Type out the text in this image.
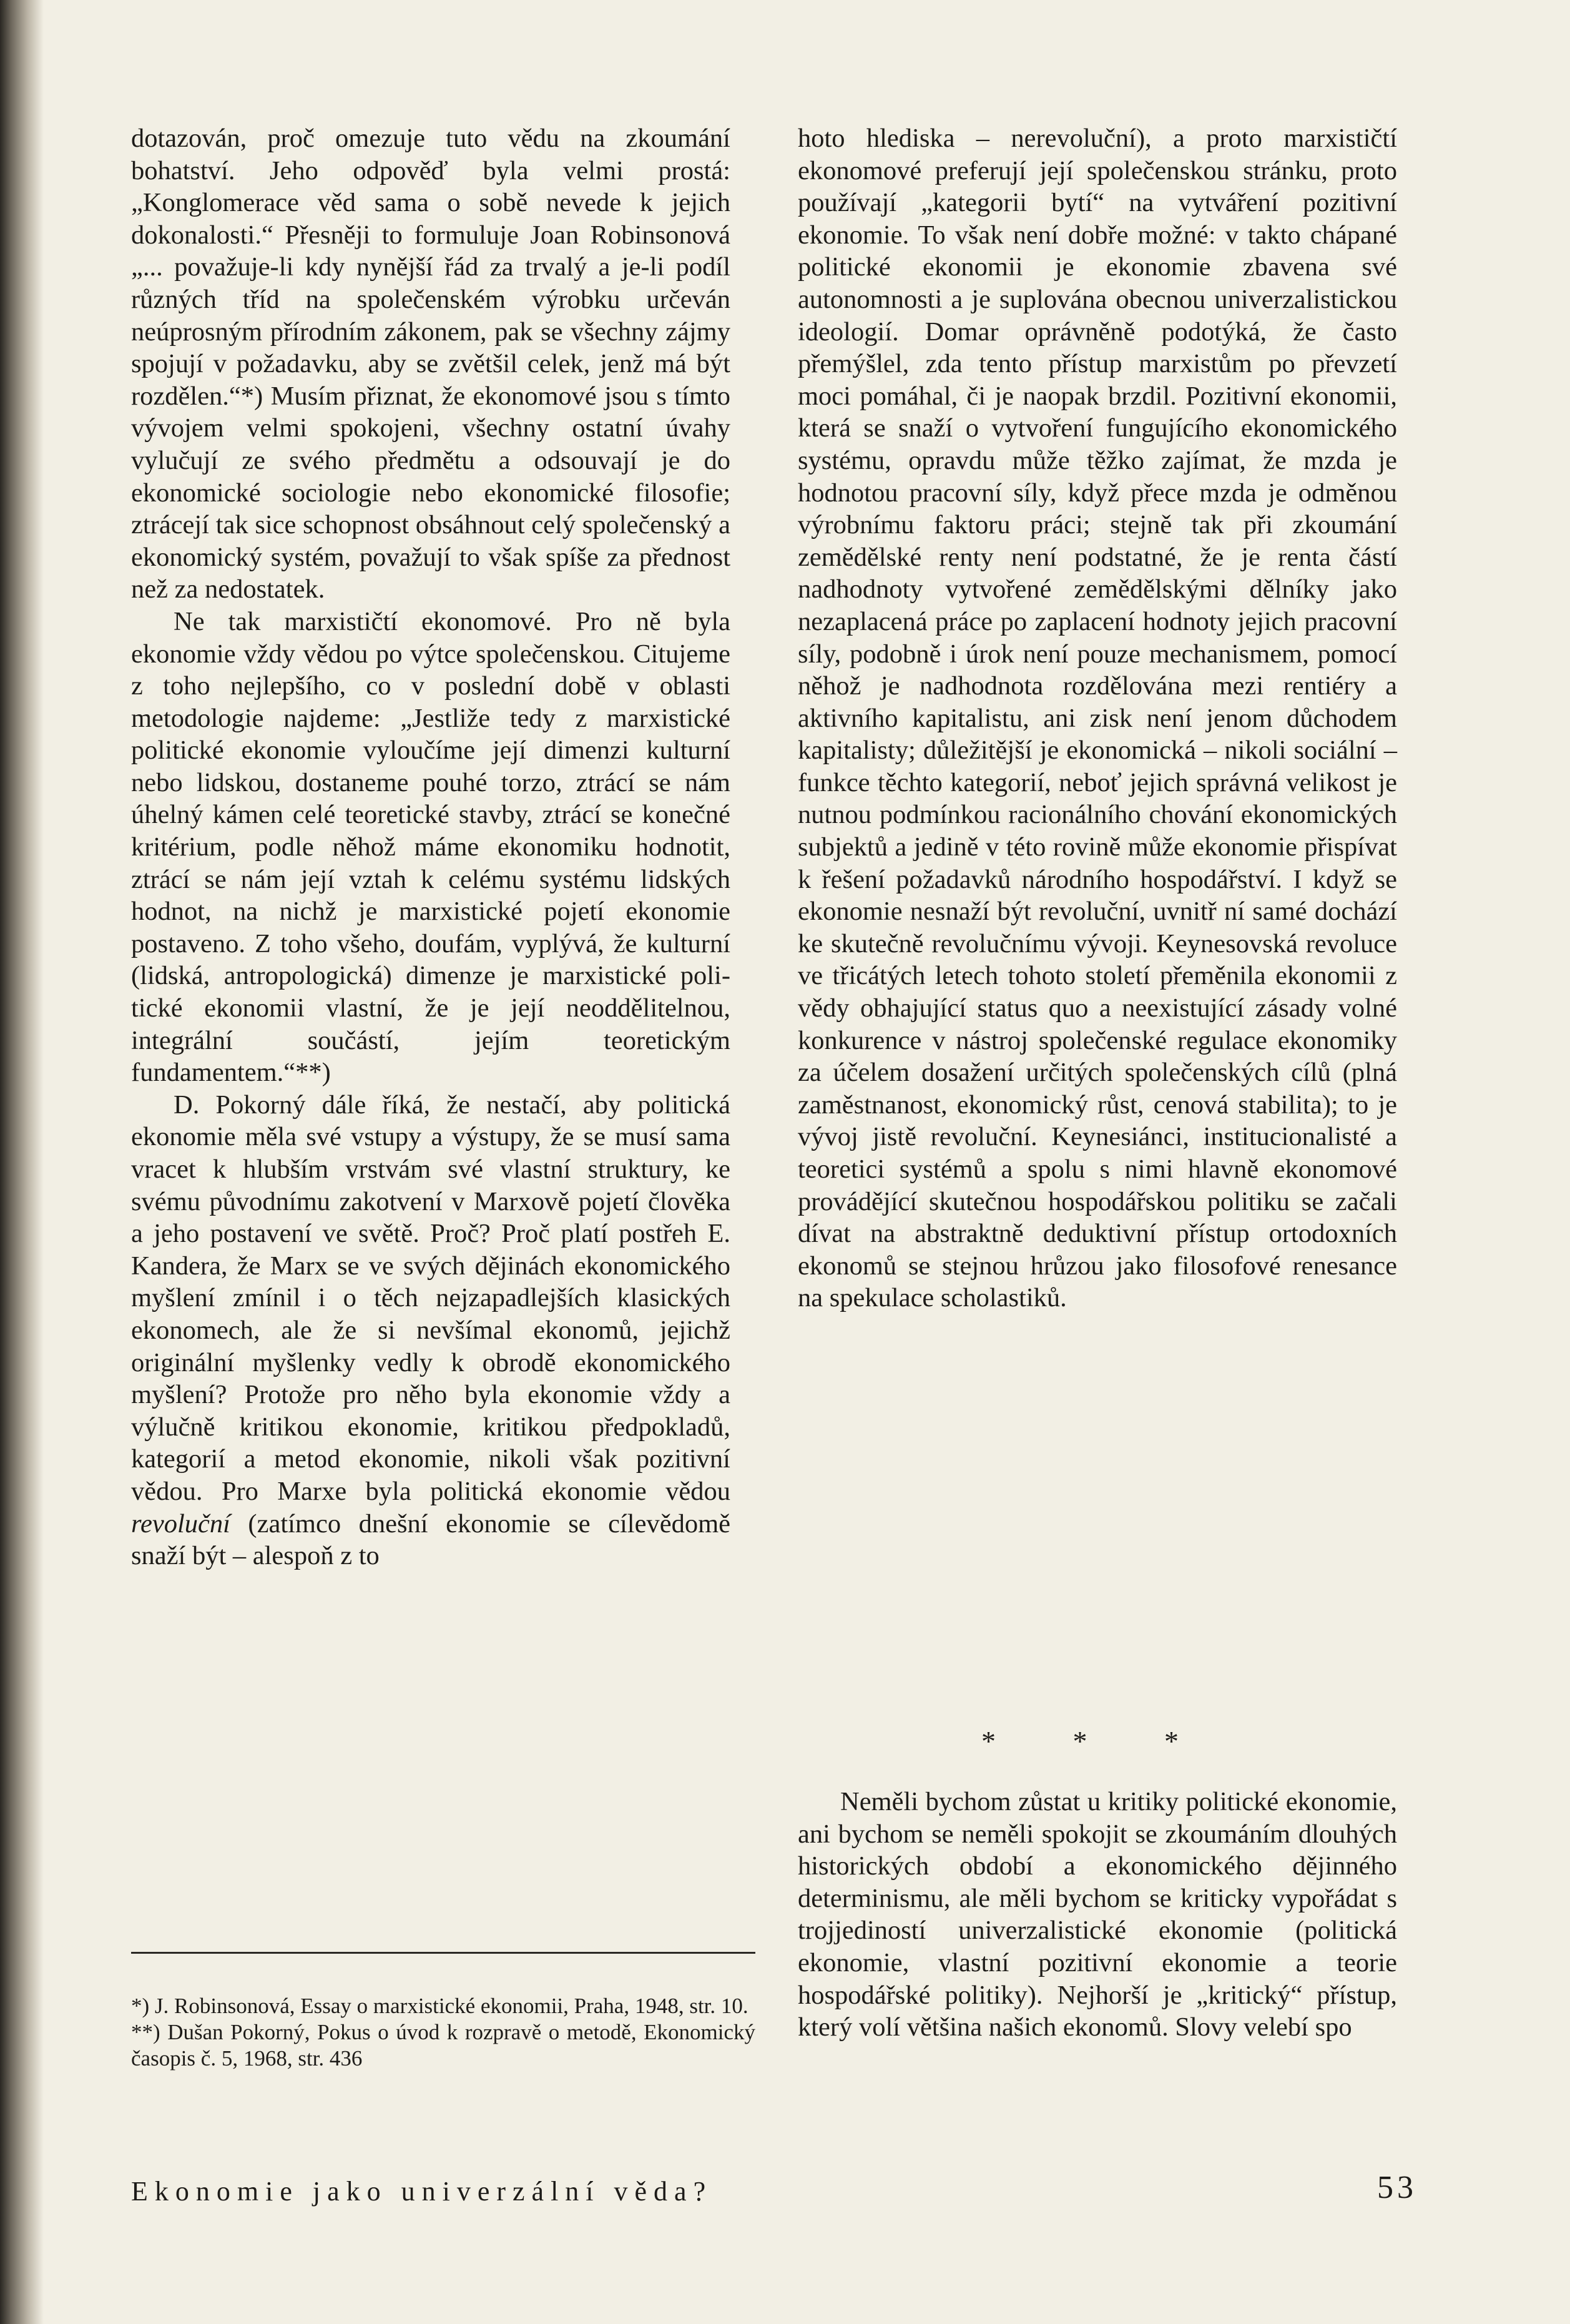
dotazován, proč omezuje tuto vědu na zkoumání bohatství. Jeho odpověď byla velmi prostá: „Konglomerace věd sama o sobě nevede k jejich dokonalosti.“ Přesněji to formuluje Joan Robinsonová „... považuje-li kdy nynější řád za trvalý a je-li podíl různých tříd na společenském výrobku určeván neúprosným přírodním zákonem, pak se všechny zájmy spojují v požadavku, aby se zvětšil celek, jenž má být rozdělen.“*) Musím přiznat, že ekonomové jsou s tímto vývojem velmi spokojeni, všechny ostatní úvahy vylučují ze svého předmětu a odsouvají je do ekonomické sociologie nebo ekonomické filosofie; ztrácejí tak sice schopnost obsáhnout celý společenský a ekonomický systém, považují to však spíše za přednost než za nedostatek.

Ne tak marxističtí ekonomové. Pro ně byla ekonomie vždy vědou po výtce společenskou. Citujeme z toho nejlepšího, co v poslední době v oblasti metodologie najdeme: „Jestliže tedy z marxistické politické ekonomie vyloučíme její dimenzi kulturní nebo lidskou, dostaneme pouhé torzo, ztrácí se nám úhelný kámen celé teoretické stavby, ztrácí se konečné kritérium, podle něhož máme ekonomiku hodnotit, ztrácí se nám její vztah k celému systému lidských hodnot, na nichž je marxistické pojetí ekonomie postaveno. Z toho všeho, doufám, vyplývá, že kulturní (lidská, antropologická) dimenze je marxistické politické ekonomii vlastní, že je její neoddělitelnou, integrální součástí, jejím teoretickým fundamentem.“**)

D. Pokorný dále říká, že nestačí, aby politická ekonomie měla své vstupy a výstupy, že se musí sama vracet k hlubším vrstvám své vlastní struktury, ke svému původnímu zakotvení v Marxově pojetí člověka a jeho postavení ve světě. Proč? Proč platí postřeh E. Kandera, že Marx se ve svých dějinách ekonomického myšlení zmínil i o těch nejzapadlejších klasických ekonomech, ale že si nevšímal ekonomů, jejichž originální myšlenky vedly k obrodě ekonomického myšlení? Protože pro něho byla ekonomie vždy a výlučně kritikou ekonomie, kritikou předpokladů, kategorií a metod ekonomie, nikoli však pozitivní vědou. Pro Marxe byla politická ekonomie vědou revoluční (zatímco dnešní ekonomie se cílevědomě snaží být – alespoň z to

hoto hlediska – nerevoluční), a proto marxističtí ekonomové preferují její společenskou stránku, proto používají „kategorii bytí“ na vytváření pozitivní ekonomie. To však není dobře možné: v takto chápané politické ekonomii je ekonomie zbavena své autonomnosti a je suplována obecnou univerzalistickou ideologií. Domar oprávněně podotýká, že často přemýšlel, zda tento přístup marxistům po převzetí moci pomáhal, či je naopak brzdil. Pozitivní ekonomii, která se snaží o vytvoření fungujícího ekonomického systému, opravdu může těžko zajímat, že mzda je hodnotou pracovní síly, když přece mzda je odměnou výrobnímu faktoru práci; stejně tak při zkoumání zemědělské renty není podstatné, že je renta částí nadhodnoty vytvořené zemědělskými dělníky jako nezaplacená práce po zaplacení hodnoty jejich pracovní síly, podobně i úrok není pouze mechanismem, pomocí něhož je nadhodnota rozdělována mezi rentiéry a aktivního kapitalistu, ani zisk není jenom důchodem kapitalisty; důležitější je ekonomická – nikoli sociální – funkce těchto kategorií, neboť jejich správná velikost je nutnou podmínkou racionálního chování ekonomických subjektů a jedině v této rovině může ekonomie přispívat k řešení požadavků národního hospodářství. I když se ekonomie nesnaží být revoluční, uvnitř ní samé dochází ke skutečně revolučnímu vývoji. Keynesovská revoluce ve třicátých letech tohoto století přeměnila ekonomii z vědy obhajující status quo a neexistující zásady volné konkurence v nástroj společenské regulace ekonomiky za účelem dosažení určitých společenských cílů (plná zaměstnanost, ekonomický růst, cenová stabilita); to je vývoj jistě revoluční. Keynesiánci, institucionalisté a teoretici systémů a spolu s nimi hlavně ekonomové provádějící skutečnou hospodářskou politiku se začali dívat na abstraktně deduktivní přístup ortodoxních ekonomů se stejnou hrůzou jako filosofové renesance na spekulace scholastiků.

* * *

Neměli bychom zůstat u kritiky politické ekonomie, ani bychom se neměli spokojit se zkoumáním dlouhých historických období a ekonomického dějinného determinismu, ale měli bychom se kriticky vypořádat s trojjediností univerzalistické ekonomie (politická ekonomie, vlastní pozitivní ekonomie a teorie hospodářské politiky). Nejhorší je „kritický“ přístup, který volí většina našich ekonomů. Slovy velebí spo

*) J. Robinsonová, Essay o marxistické ekonomii, Praha, 1948, str. 10.

**) Dušan Pokorný, Pokus o úvod k rozpravě o metodě, Ekonomický časopis č. 5, 1968, str. 436

Ekonomie jako univerzální věda?	53
